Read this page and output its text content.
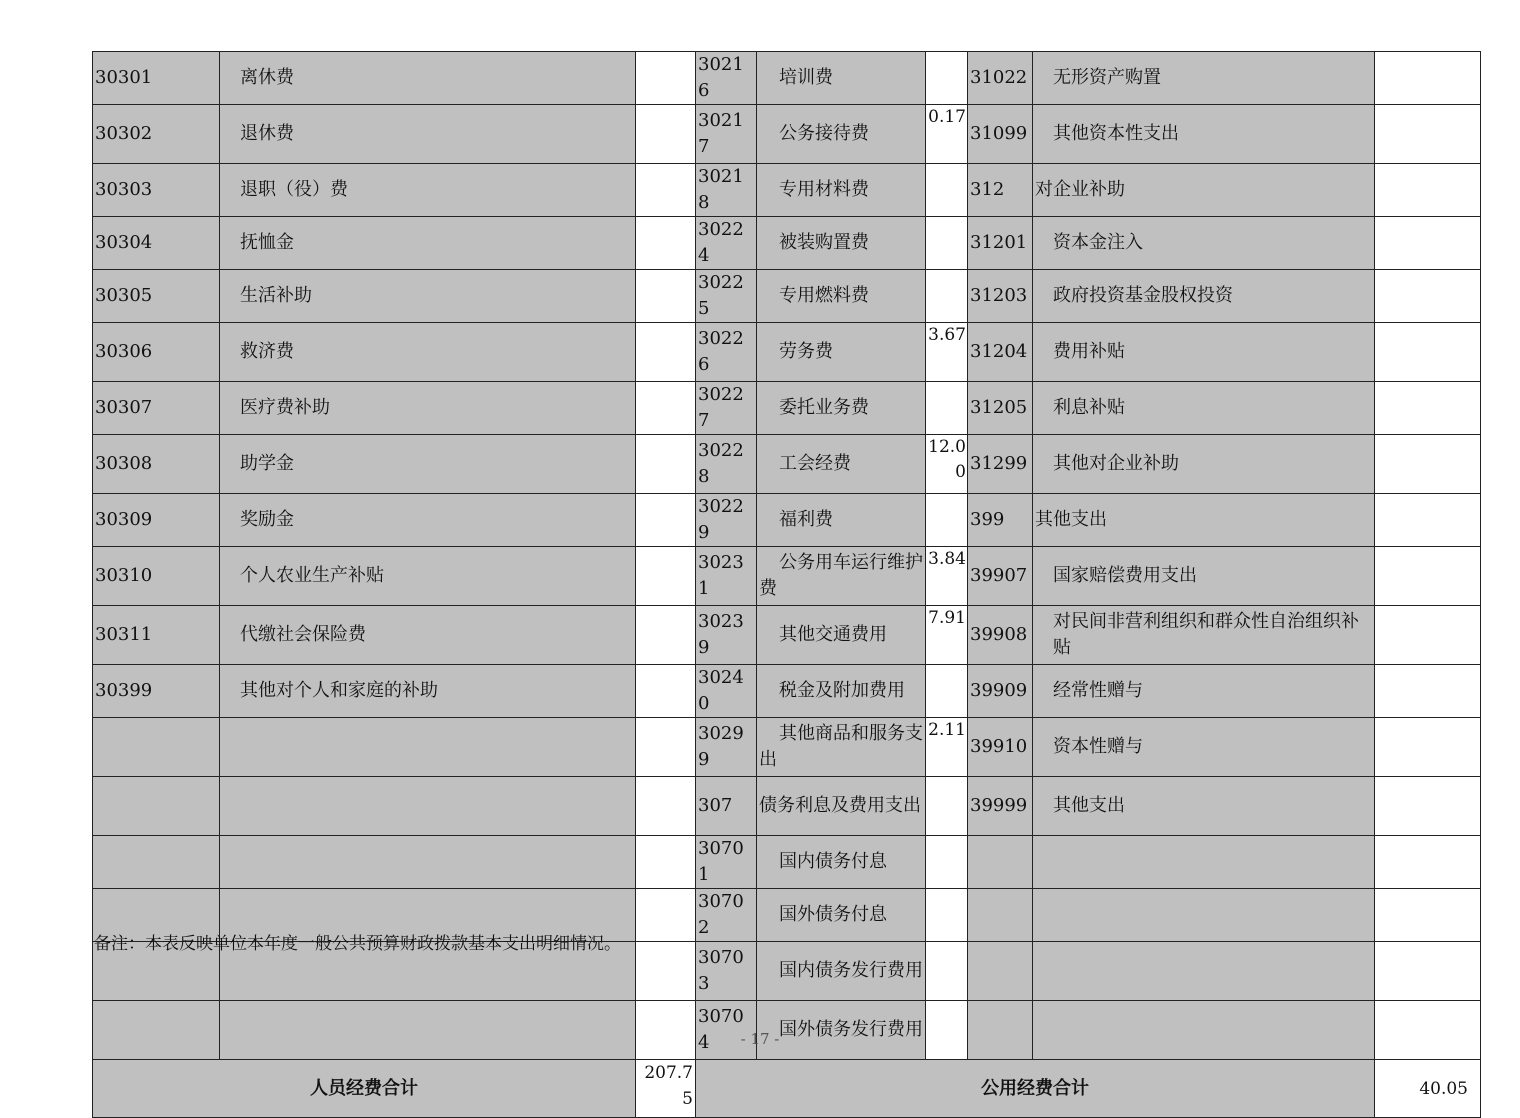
30301	离休费		30216	培训费		31022	无形资产购置	
30302	退休费		30217	公务接待费	0.17	31099	其他资本性支出	
30303	退职（役）费		30218	专用材料费		312	对企业补助	
30304	抚恤金		30224	被装购置费		31201	资本金注入	
30305	生活补助		30225	专用燃料费		31203	政府投资基金股权投资	
30306	救济费		30226	劳务费	3.67	31204	费用补贴	
30307	医疗费补助		30227	委托业务费		31205	利息补贴	
30308	助学金		30228	工会经费	12.00	31299	其他对企业补助	
30309	奖励金		30229	福利费		399	其他支出	
30310	个人农业生产补贴		30231	公务用车运行维护费	3.84	39907	国家赔偿费用支出	
30311	代缴社会保险费		30239	其他交通费用	7.91	39908	对民间非营利组织和群众性自治组织补贴	
30399	其他对个人和家庭的补助		30240	税金及附加费用		39909	经常性赠与	
			30299	其他商品和服务支出	2.11	39910	资本性赠与	
			307	债务利息及费用支出		39999	其他支出	
			30701	国内债务付息				
			30702	国外债务付息				
			30703	国内债务发行费用				
			30704	国外债务发行费用				
人员经费合计		207.75	公用经费合计					40.05
备注：本表反映单位本年度一般公共预算财政拨款基本支出明细情况。
- 17 -
